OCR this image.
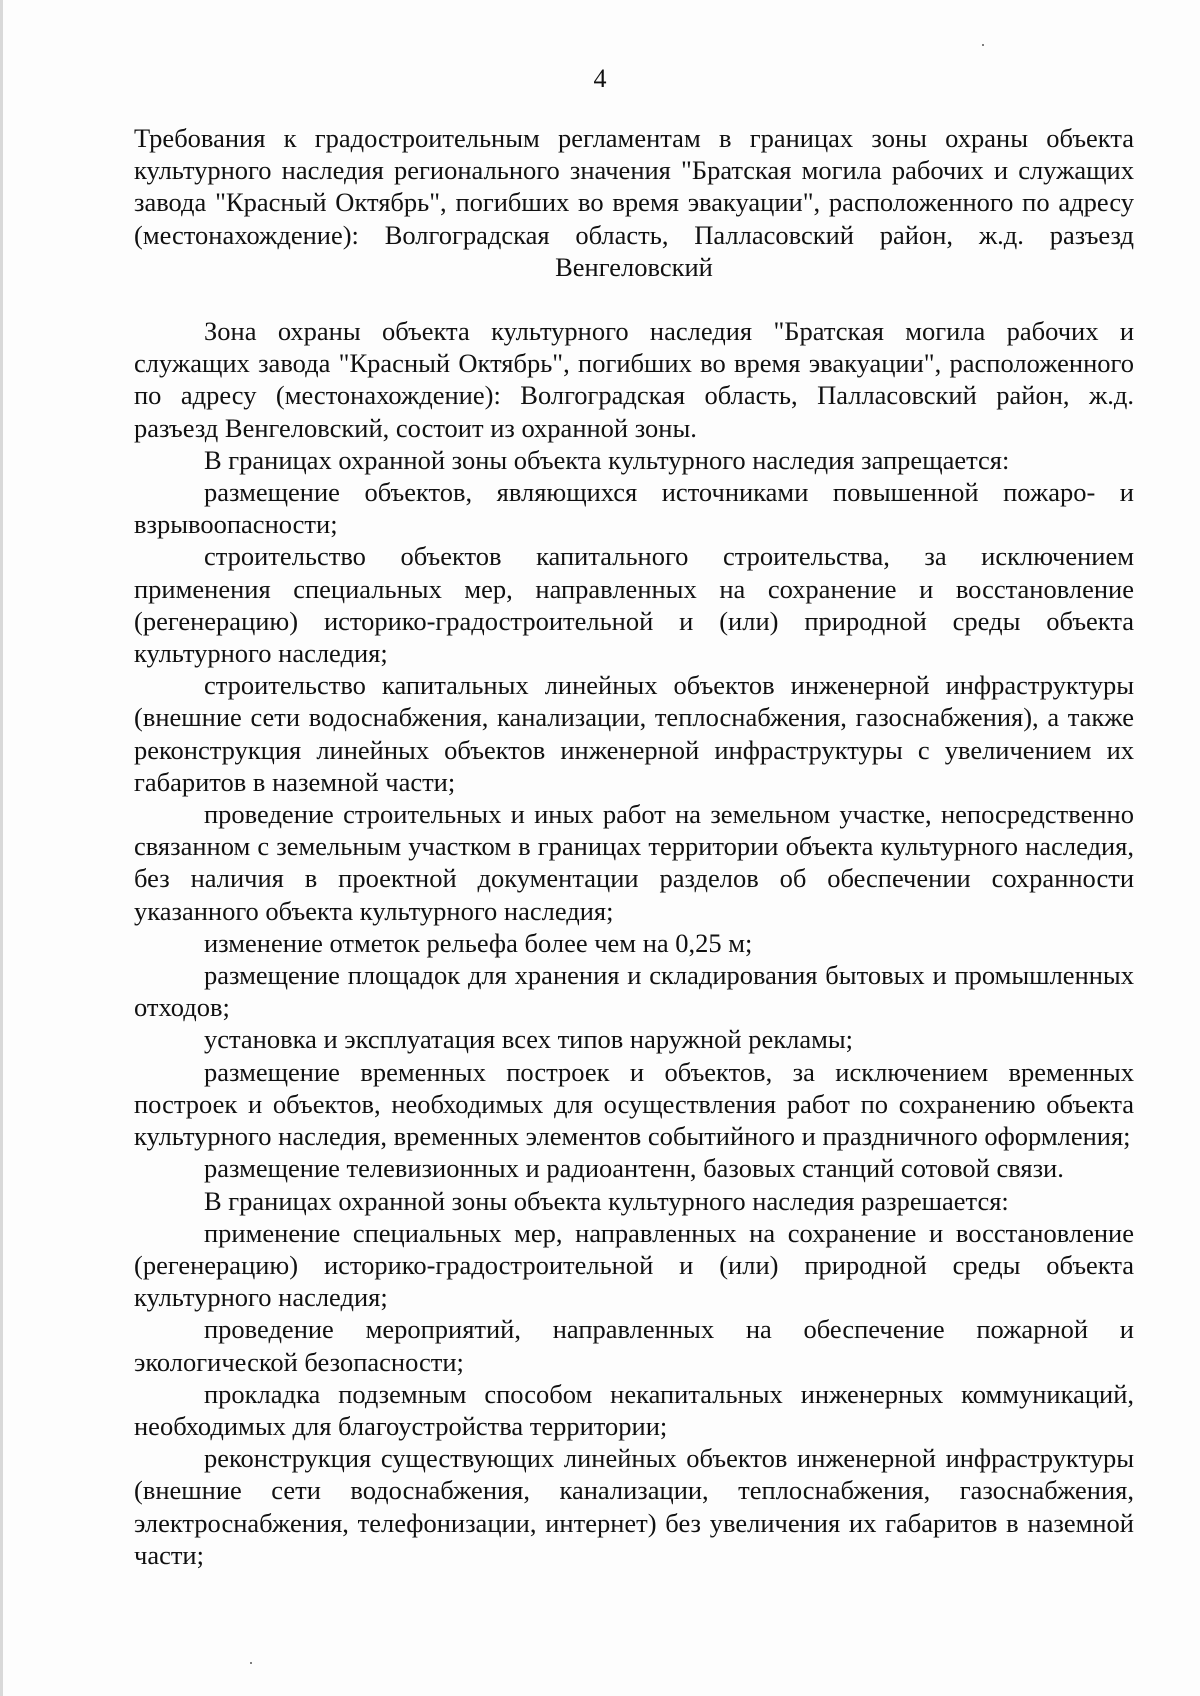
4

Требования к градостроительным регламентам в границах зоны охраны объекта культурного наследия регионального значения "Братская могила рабочих и служащих завода "Красный Октябрь", погибших во время эвакуации", расположенного по адресу (местонахождение): Волгоградская область, Палласовский район, ж.д. разъезд Венгеловский

Зона охраны объекта культурного наследия "Братская могила рабочих и служащих завода "Красный Октябрь", погибших во время эвакуации", расположенного по адресу (местонахождение): Волгоградская область, Палласовский район, ж.д. разъезд Венгеловский, состоит из охранной зоны.

В границах охранной зоны объекта культурного наследия запрещается:

размещение объектов, являющихся источниками повышенной пожаро- и взрывоопасности;

строительство объектов капитального строительства, за исключением применения специальных мер, направленных на сохранение и восстановление (регенерацию) историко-градостроительной и (или) природной среды объекта культурного наследия;

строительство капитальных линейных объектов инженерной инфраструктуры (внешние сети водоснабжения, канализации, теплоснабжения, газоснабжения), а также реконструкция линейных объектов инженерной инфраструктуры с увеличением их габаритов в наземной части;

проведение строительных и иных работ на земельном участке, непосредственно связанном с земельным участком в границах территории объекта культурного наследия, без наличия в проектной документации разделов об обеспечении сохранности указанного объекта культурного наследия;

изменение отметок рельефа более чем на 0,25 м;

размещение площадок для хранения и складирования бытовых и промышленных отходов;

установка и эксплуатация всех типов наружной рекламы;

размещение временных построек и объектов, за исключением временных построек и объектов, необходимых для осуществления работ по сохранению объекта культурного наследия, временных элементов событийного и праздничного оформления;

размещение телевизионных и радиоантенн, базовых станций сотовой связи.

В границах охранной зоны объекта культурного наследия разрешается:

применение специальных мер, направленных на сохранение и восстановление (регенерацию) историко-градостроительной и (или) природной среды объекта культурного наследия;

проведение мероприятий, направленных на обеспечение пожарной и экологической безопасности;

прокладка подземным способом некапитальных инженерных коммуникаций, необходимых для благоустройства территории;

реконструкция существующих линейных объектов инженерной инфраструктуры (внешние сети водоснабжения, канализации, теплоснабжения, газоснабжения, электроснабжения, телефонизации, интернет) без увеличения их габаритов в наземной части;
